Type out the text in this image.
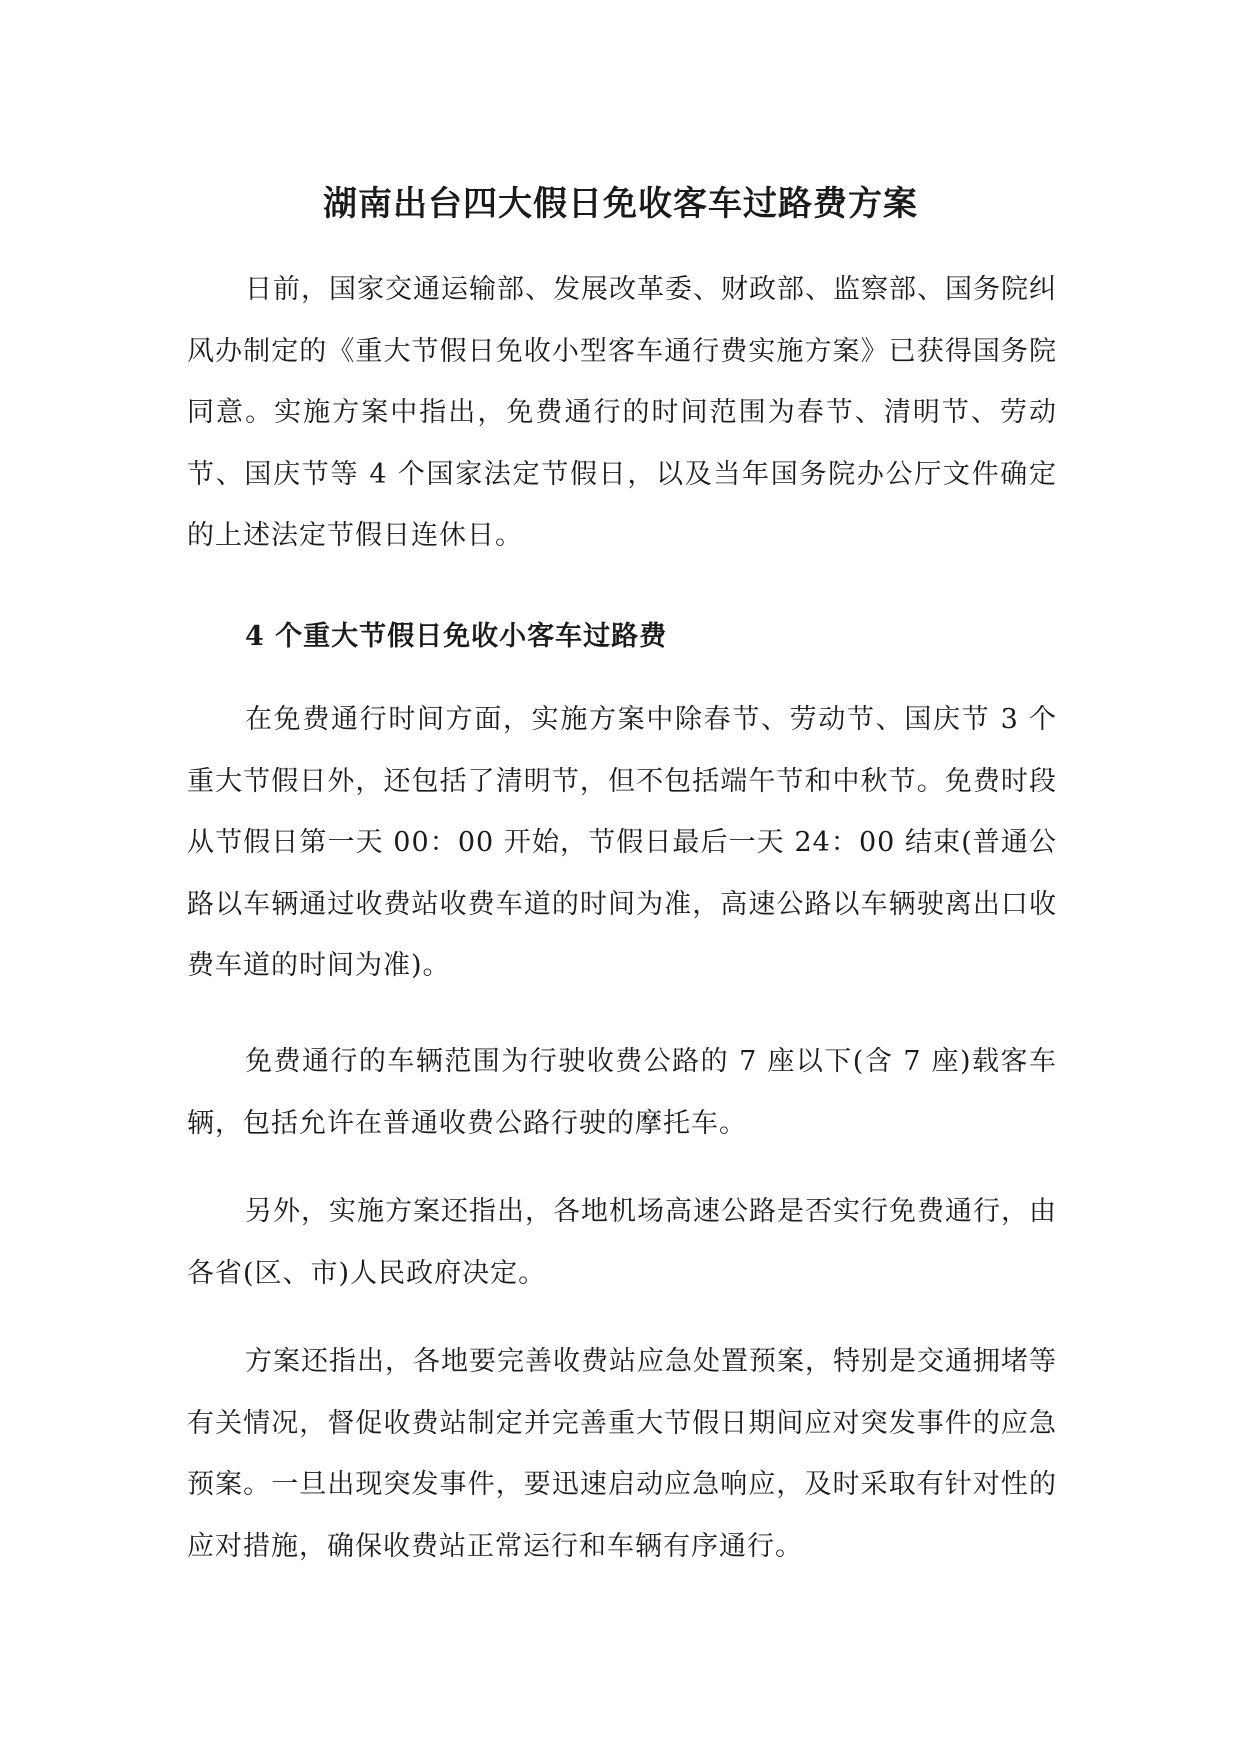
湖南出台四大假日免收客车过路费方案

日前，国家交通运输部、发展改革委、财政部、监察部、国务院纠风办制定的《重大节假日免收小型客车通行费实施方案》已获得国务院同意。实施方案中指出，免费通行的时间范围为春节、清明节、劳动节、国庆节等 4 个国家法定节假日，以及当年国务院办公厅文件确定的上述法定节假日连休日。

4 个重大节假日免收小客车过路费

在免费通行时间方面，实施方案中除春节、劳动节、国庆节 3 个重大节假日外，还包括了清明节，但不包括端午节和中秋节。免费时段从节假日第一天 00：00 开始，节假日最后一天 24：00 结束(普通公路以车辆通过收费站收费车道的时间为准，高速公路以车辆驶离出口收费车道的时间为准)。

免费通行的车辆范围为行驶收费公路的 7 座以下(含 7 座)载客车辆，包括允许在普通收费公路行驶的摩托车。

另外，实施方案还指出，各地机场高速公路是否实行免费通行，由各省(区、市)人民政府决定。

方案还指出，各地要完善收费站应急处置预案，特别是交通拥堵等有关情况，督促收费站制定并完善重大节假日期间应对突发事件的应急预案。一旦出现突发事件，要迅速启动应急响应，及时采取有针对性的应对措施，确保收费站正常运行和车辆有序通行。
